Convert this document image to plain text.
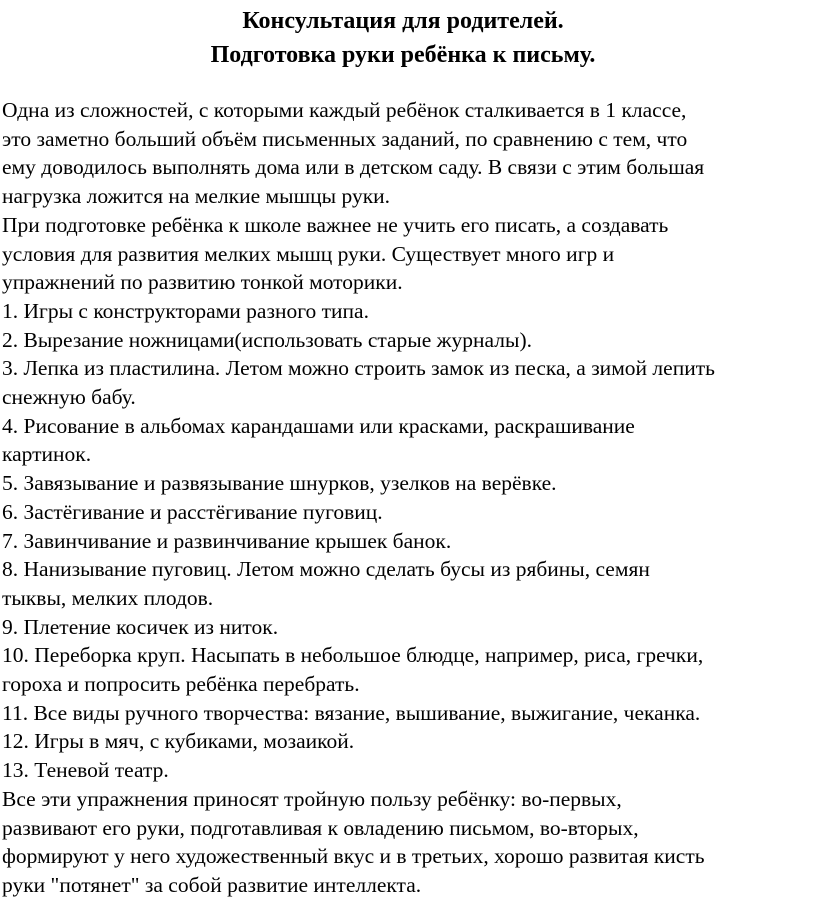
Консультация для родителей.
Подготовка руки ребёнка к письму.

Одна из сложностей, с которыми каждый ребёнок сталкивается в 1 классе,

это заметно больший объём письменных заданий, по сравнению с тем, что

ему доводилось выполнять дома или в детском саду. В связи с этим большая

нагрузка ложится на мелкие мышцы руки.

При подготовке ребёнка к школе важнее не учить его писать, а создавать

условия для развития мелких мышц руки. Существует много игр и

упражнений по развитию тонкой моторики.

1. Игры с конструкторами разного типа.

2. Вырезание ножницами(использовать старые журналы).

3. Лепка из пластилина. Летом можно строить замок из песка, а зимой лепить

снежную бабу.

4. Рисование в альбомах карандашами или красками, раскрашивание

картинок.

5. Завязывание и развязывание шнурков, узелков на верёвке.

6. Застёгивание и расстёгивание пуговиц.

7. Завинчивание и развинчивание крышек банок.

8. Нанизывание пуговиц. Летом можно сделать бусы из рябины, семян

тыквы, мелких плодов.

9. Плетение косичек из ниток.

10. Переборка круп. Насыпать в небольшое блюдце, например, риса, гречки,

гороха и попросить ребёнка перебрать.

11. Все виды ручного творчества: вязание, вышивание, выжигание, чеканка.

12. Игры в мяч, с кубиками, мозаикой.

13. Теневой театр.

Все эти упражнения приносят тройную пользу ребёнку: во-первых,

развивают его руки, подготавливая к овладению письмом, во-вторых,

формируют у него художественный вкус и в третьих, хорошо развитая кисть

руки "потянет" за собой развитие интеллекта.
